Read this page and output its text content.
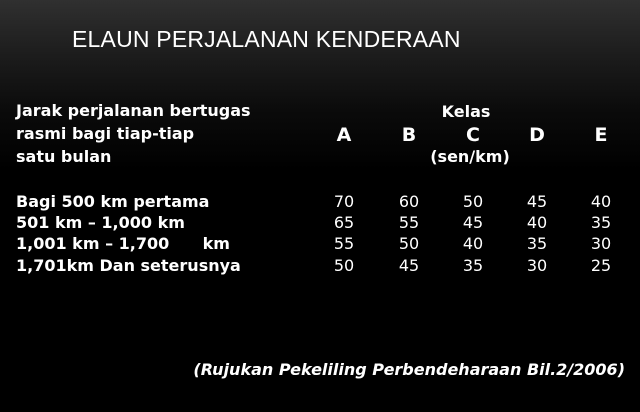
ELAUN PERJALANAN KENDERAAN
Jarak perjalanan bertugas
rasmi bagi tiap-tiap
satu bulan
Kelas
A	B	C	D	E
(sen/km)
Bagi 500 km pertama	70	60	50	45	40
501 km – 1,000 km	65	55	45	40	35
1,001 km – 1,700      km	55	50	40	35	30
1,701km Dan seterusnya	50	45	35	30	25
(Rujukan Pekeliling Perbendeharaan Bil.2/2006)
